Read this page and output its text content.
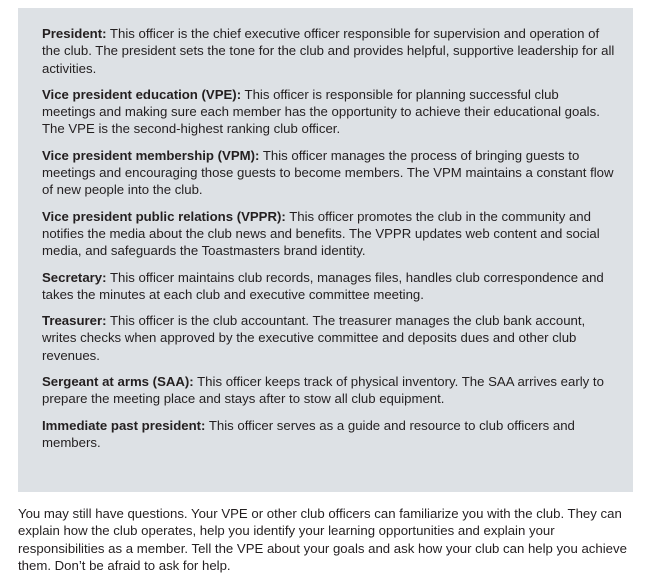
President: This officer is the chief executive officer responsible for supervision and operation of the club. The president sets the tone for the club and provides helpful, supportive leadership for all activities.

Vice president education (VPE): This officer is responsible for planning successful club meetings and making sure each member has the opportunity to achieve their educational goals. The VPE is the second-highest ranking club officer.

Vice president membership (VPM): This officer manages the process of bringing guests to meetings and encouraging those guests to become members. The VPM maintains a constant flow of new people into the club.

Vice president public relations (VPPR): This officer promotes the club in the community and notifies the media about the club news and benefits. The VPPR updates web content and social media, and safeguards the Toastmasters brand identity.

Secretary: This officer maintains club records, manages files, handles club correspondence and takes the minutes at each club and executive committee meeting.

Treasurer: This officer is the club accountant. The treasurer manages the club bank account, writes checks when approved by the executive committee and deposits dues and other club revenues.

Sergeant at arms (SAA): This officer keeps track of physical inventory. The SAA arrives early to prepare the meeting place and stays after to stow all club equipment.

Immediate past president: This officer serves as a guide and resource to club officers and members.

You may still have questions. Your VPE or other club officers can familiarize you with the club. They can explain how the club operates, help you identify your learning opportunities and explain your responsibilities as a member. Tell the VPE about your goals and ask how your club can help you achieve them. Don’t be afraid to ask for help.
